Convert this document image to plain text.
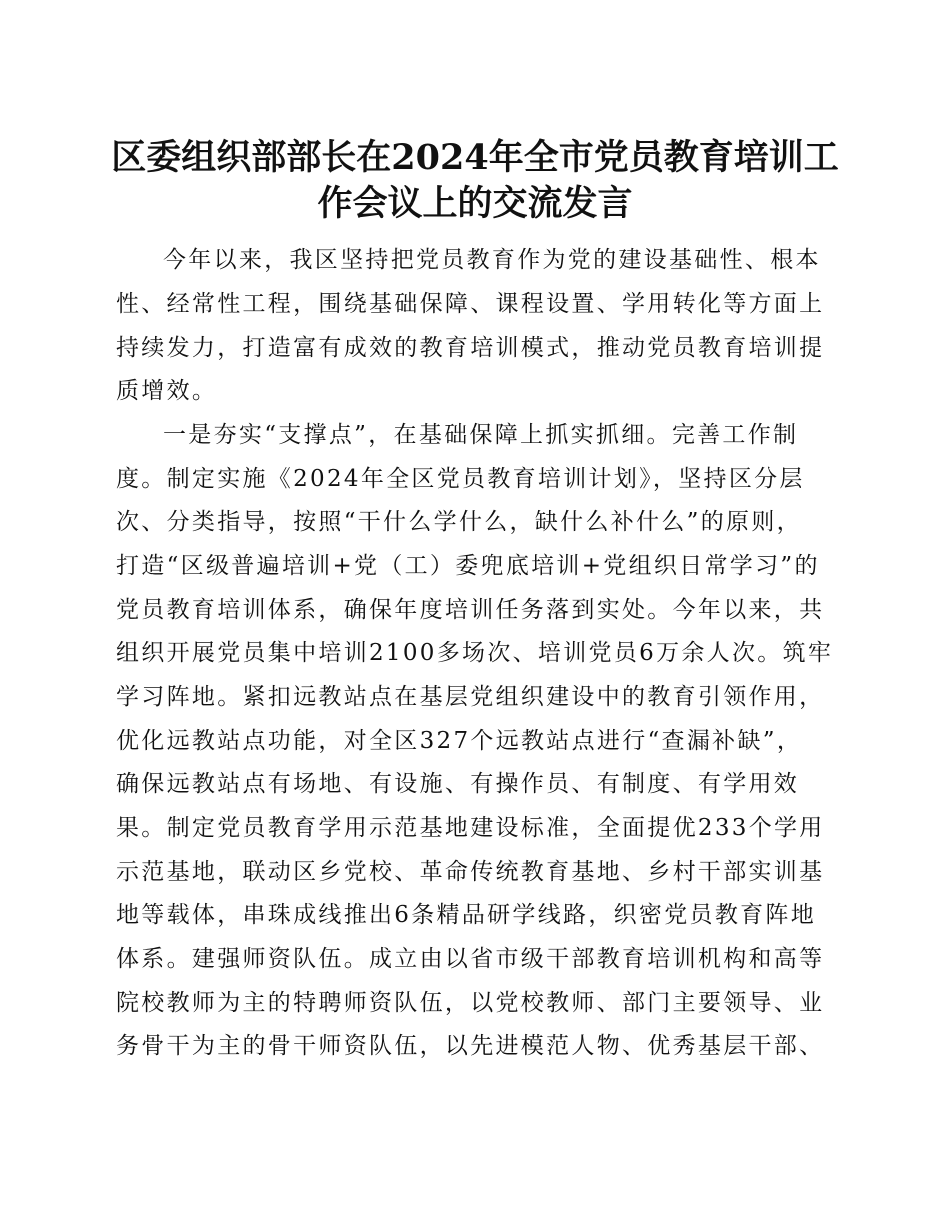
区委组织部部长在2024年全市党员教育培训工
作会议上的交流发言
今年以来，我区坚持把党员教育作为党的建设基础性、根本
性、经常性工程，围绕基础保障、课程设置、学用转化等方面上
持续发力，打造富有成效的教育培训模式，推动党员教育培训提
质增效。
一是夯实“支撑点”，在基础保障上抓实抓细。完善工作制
度。制定实施《2024年全区党员教育培训计划》，坚持区分层
次、分类指导，按照“干什么学什么，缺什么补什么”的原则，
打造“区级普遍培训+党（工）委兜底培训+党组织日常学习”的
党员教育培训体系，确保年度培训任务落到实处。今年以来，共
组织开展党员集中培训2100多场次、培训党员6万余人次。筑牢
学习阵地。紧扣远教站点在基层党组织建设中的教育引领作用，
优化远教站点功能，对全区327个远教站点进行“查漏补缺”，
确保远教站点有场地、有设施、有操作员、有制度、有学用效
果。制定党员教育学用示范基地建设标准，全面提优233个学用
示范基地，联动区乡党校、革命传统教育基地、乡村干部实训基
地等载体，串珠成线推出6条精品研学线路，织密党员教育阵地
体系。建强师资队伍。成立由以省市级干部教育培训机构和高等
院校教师为主的特聘师资队伍，以党校教师、部门主要领导、业
务骨干为主的骨干师资队伍，以先进模范人物、优秀基层干部、
